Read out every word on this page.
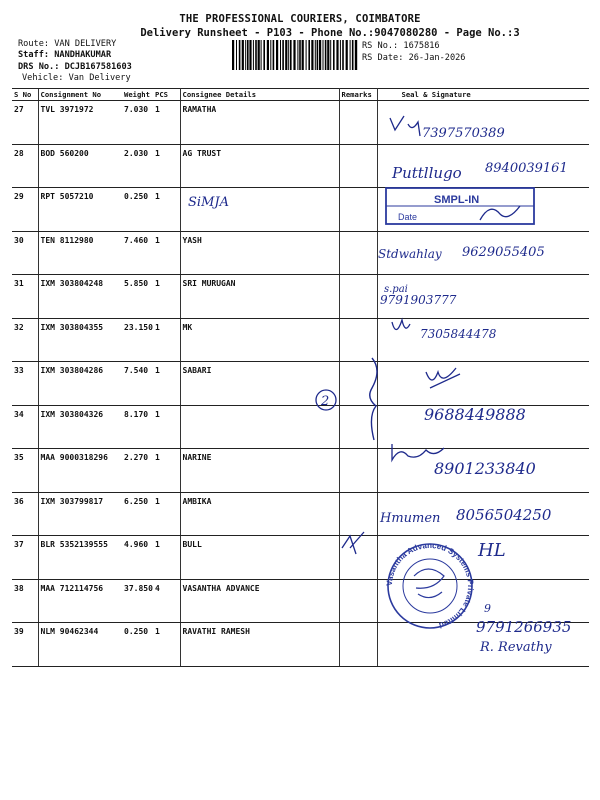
THE PROFESSIONAL COURIERS, COIMBATORE
Delivery Runsheet - P103 - Phone No.:9047080280 - Page No.:3
Route: VAN DELIVERY
Staff: NANDHAKUMAR
DRS No.: DCJB167581603
Vehicle: Van Delivery
RS No.: 1675816
RS Date: 26-Jan-2026
S No	Consignment No	Weight	PCS	Consignee Details	Remarks	Seal & Signature
27	TVL 3971972	7.030	1	RAMATHA		
28	BOD 560200	2.030	1	AG TRUST		
29	RPT 5057210	0.250	1			
30	TEN 8112980	7.460	1	YASH		
31	IXM 303804248	5.850	1	SRI MURUGAN		
32	IXM 303804355	23.150	1	MK		
33	IXM 303804286	7.540	1	SABARI		
34	IXM 303804326	8.170	1			
35	MAA 9000318296	2.270	1	NARINE		
36	IXM 303799817	6.250	1	AMBIKA		
37	BLR 5352139555	4.960	1	BULL		
38	MAA 712114756	37.850	4	VASANTHA ADVANCE		
39	NLM 90462344	0.250	1	RAVATHI RAMESH		
7397570389
Puttllugo 8940039161
SiMJA	SMPL-IN
Date
Stdwahlay 9629055405
s.pai
9791903777
7305844478
2
9688449888
8901233840
Hmumen 8056504250
HL
Vasantha Advanced Systems Private Limited
9
9791266935
R. Revathy
